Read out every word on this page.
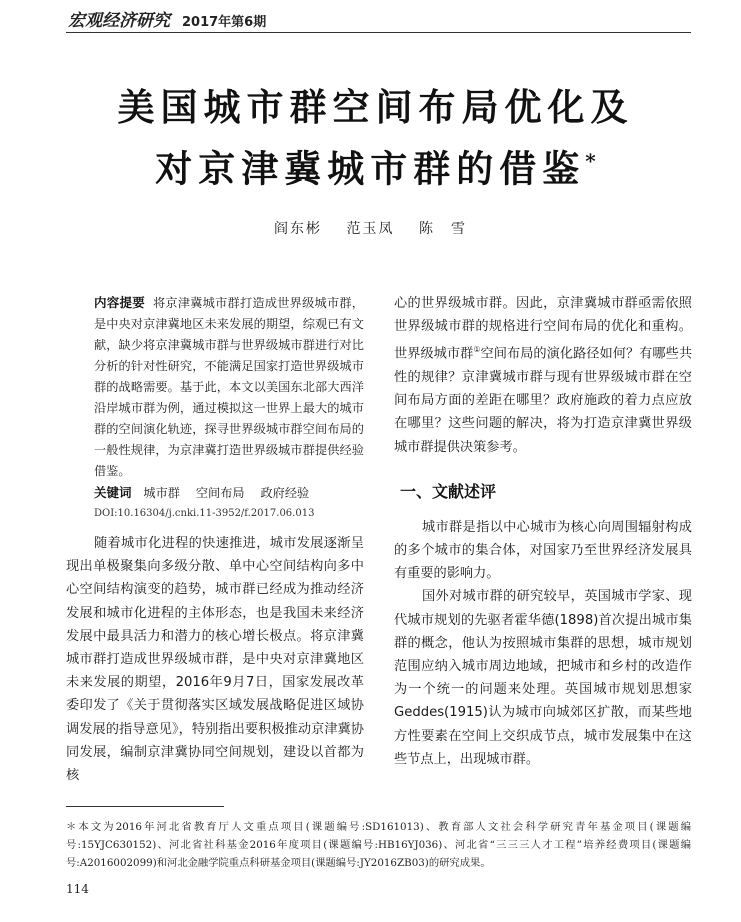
宏观经济研究 2017年第6期
美国城市群空间布局优化及
对京津冀城市群的借鉴*
阎东彬 范玉凤 陈　雪
内容提要 将京津冀城市群打造成世界级城市群，是中央对京津冀地区未来发展的期望，综观已有文献，缺少将京津冀城市群与世界级城市群进行对比分析的针对性研究，不能满足国家打造世界级城市群的战略需要。基于此，本文以美国东北部大西洋沿岸城市群为例，通过模拟这一世界上最大的城市群的空间演化轨迹，探寻世界级城市群空间布局的一般性规律，为京津冀打造世界级城市群提供经验借鉴。
关键词 城市群 空间布局 政府经验
DOI:10.16304/j.cnki.11-3952/f.2017.06.013

随着城市化进程的快速推进，城市发展逐渐呈现出单极聚集向多级分散、单中心空间结构向多中心空间结构演变的趋势，城市群已经成为推动经济发展和城市化进程的主体形态，也是我国未来经济发展中最具活力和潜力的核心增长极点。将京津冀城市群打造成世界级城市群，是中央对京津冀地区未来发展的期望，2016年9月7日，国家发展改革委印发了《关于贯彻落实区域发展战略促进区域协调发展的指导意见》，特别指出要积极推动京津冀协同发展，编制京津冀协同空间规划，建设以首都为核

心的世界级城市群。因此，京津冀城市群亟需依照世界级城市群的规格进行空间布局的优化和重构。世界级城市群①空间布局的演化路径如何？有哪些共性的规律？京津冀城市群与现有世界级城市群在空间布局方面的差距在哪里？政府施政的着力点应放在哪里？这些问题的解决，将为打造京津冀世界级城市群提供决策参考。

一、文献述评

城市群是指以中心城市为核心向周围辐射构成的多个城市的集合体，对国家乃至世界经济发展具有重要的影响力。

国外对城市群的研究较早，英国城市学家、现代城市规划的先驱者霍华德(1898)首次提出城市集群的概念，他认为按照城市集群的思想，城市规划范围应纳入城市周边地域，把城市和乡村的改造作为一个统一的问题来处理。英国城市规划思想家Geddes(1915)认为城市向城郊区扩散，而某些地方性要素在空间上交织成节点，城市发展集中在这些节点上，出现城市群。

＊本文为2016年河北省教育厅人文重点项目(课题编号:SD161013)、教育部人文社会科学研究青年基金项目(课题编号:15YJC630152)、河北省社科基金2016年度项目(课题编号:HB16YJ036)、河北省“三三三人才工程”培养经费项目(课题编号:A2016002099)和河北金融学院重点科研基金项目(课题编号:JY2016ZB03)的研究成果。
114
